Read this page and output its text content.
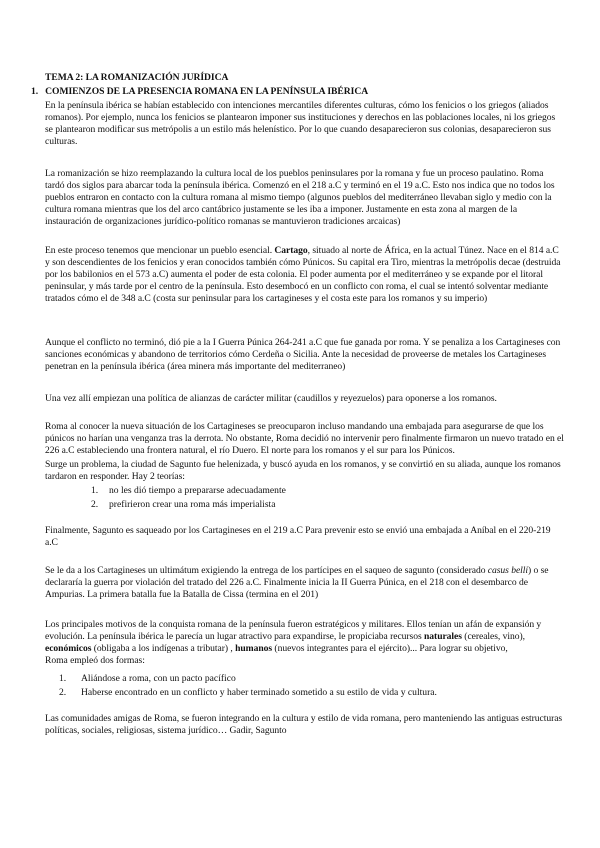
TEMA 2: LA ROMANIZACIÓN JURÍDICA

1. COMIENZOS DE LA PRESENCIA ROMANA EN LA PENÍNSULA IBÉRICA

En la península ibérica se habían establecido con intenciones mercantiles diferentes culturas, cómo los fenicios o los griegos (aliados romanos). Por ejemplo, nunca los fenicios se plantearon imponer sus instituciones y derechos en las poblaciones locales, ni los griegos se plantearon modificar sus metrópolis a un estilo más helenístico. Por lo que cuando desaparecieron sus colonias, desaparecieron sus culturas.

La romanización se hizo reemplazando la cultura local de los pueblos peninsulares por la romana y fue un proceso paulatino. Roma tardó dos siglos para abarcar toda la península ibérica. Comenzó en el 218 a.C y terminó en el 19 a.C. Esto nos indica que no todos los pueblos entraron en contacto con la cultura romana al mismo tiempo (algunos pueblos del mediterráneo llevaban siglo y medio con la cultura romana mientras que los del arco cantábrico justamente se les iba a imponer. Justamente en esta zona al margen de la instauración de organizaciones jurídico-político romanas se mantuvieron tradiciones arcaicas)

En este proceso tenemos que mencionar un pueblo esencial. Cartago, situado al norte de África, en la actual Túnez. Nace en el 814 a.C y son descendientes de los fenicios y eran conocidos también cómo Púnicos. Su capital era Tiro, mientras la metrópolis decae (destruida por los babilonios en el 573 a.C) aumenta el poder de esta colonia. El poder aumenta por el mediterráneo y se expande por el litoral peninsular, y más tarde por el centro de la península. Esto desembocó en un conflicto con roma, el cual se intentó solventar mediante tratados cómo el de 348 a.C (costa sur peninsular para los cartagineses y el costa este para los romanos y su imperio)

Aunque el conflicto no terminó, dió pie a la I Guerra Púnica 264-241 a.C que fue ganada por roma. Y se penaliza a los Cartagineses con sanciones económicas y abandono de territorios cómo Cerdeña o Sicilia. Ante la necesidad de proveerse de metales los Cartagineses penetran en la península ibérica (área minera más importante del mediterraneo)

Una vez allí empiezan una política de alianzas de carácter militar (caudillos y reyezuelos) para oponerse a los romanos.

Roma al conocer la nueva situación de los Cartagineses se preocuparon incluso mandando una embajada para asegurarse de que los púnicos no harían una venganza tras la derrota. No obstante, Roma decidió no intervenir pero finalmente firmaron un nuevo tratado en el 226 a.C estableciendo una frontera natural, el río Duero. El norte para los romanos y el sur para los Púnicos.

Surge un problema, la ciudad de Sagunto fue helenizada, y buscó ayuda en los romanos, y se convirtió en su aliada, aunque los romanos tardaron en responder. Hay 2 teorías:

1. no les dió tiempo a prepararse adecuadamente
2. prefirieron crear una roma más imperialista

Finalmente, Sagunto es saqueado por los Cartagineses en el 219 a.C Para prevenir esto se envió una embajada a Aníbal en el 220-219 a.C

Se le da a los Cartagineses un ultimátum exigiendo la entrega de los partícipes en el saqueo de sagunto (considerado casus belli) o se declararía la guerra por violación del tratado del 226 a.C. Finalmente inicia la II Guerra Púnica, en el 218 con el desembarco de Ampurias. La primera batalla fue la Batalla de Cissa (termina en el 201)

Los principales motivos de la conquista romana de la península fueron estratégicos y militares. Ellos tenían un afán de expansión y evolución. La península ibérica le parecía un lugar atractivo para expandirse, le propiciaba recursos naturales (cereales, vino), económicos (obligaba a los indígenas a tributar) , humanos (nuevos integrantes para el ejército)... Para lograr su objetivo,
Roma empleó dos formas:

1. Aliándose a roma, con un pacto pacífico
2. Haberse encontrado en un conflicto y haber terminado sometido a su estilo de vida y cultura.

Las comunidades amigas de Roma, se fueron integrando en la cultura y estilo de vida romana, pero manteniendo las antiguas estructuras políticas, sociales, religiosas, sistema jurídico… Gadir, Sagunto
